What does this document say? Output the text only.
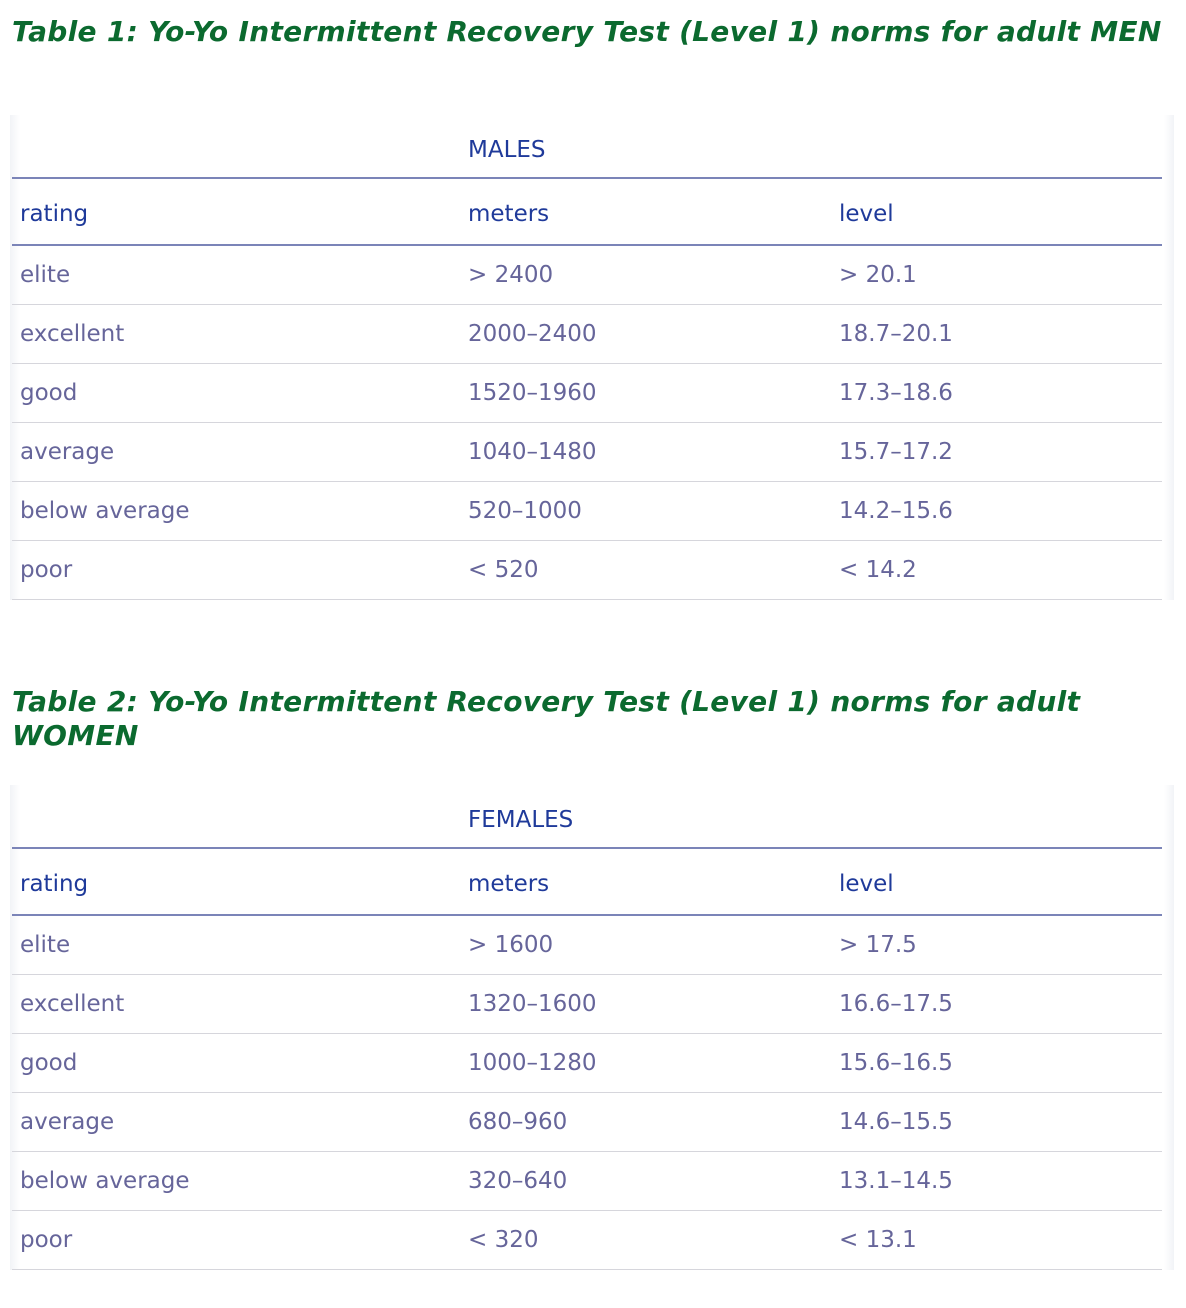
Table 1: Yo-Yo Intermittent Recovery Test (Level 1) norms for adult MEN
MALES
rating	meters	level
elite	> 2400	> 20.1
excellent	2000–2400	18.7–20.1
good	1520–1960	17.3–18.6
average	1040–1480	15.7–17.2
below average	520–1000	14.2–15.6
poor	< 520	< 14.2
Table 2: Yo-Yo Intermittent Recovery Test (Level 1) norms for adult WOMEN
FEMALES
rating	meters	level
elite	> 1600	> 17.5
excellent	1320–1600	16.6–17.5
good	1000–1280	15.6–16.5
average	680–960	14.6–15.5
below average	320–640	13.1–14.5
poor	< 320	< 13.1
